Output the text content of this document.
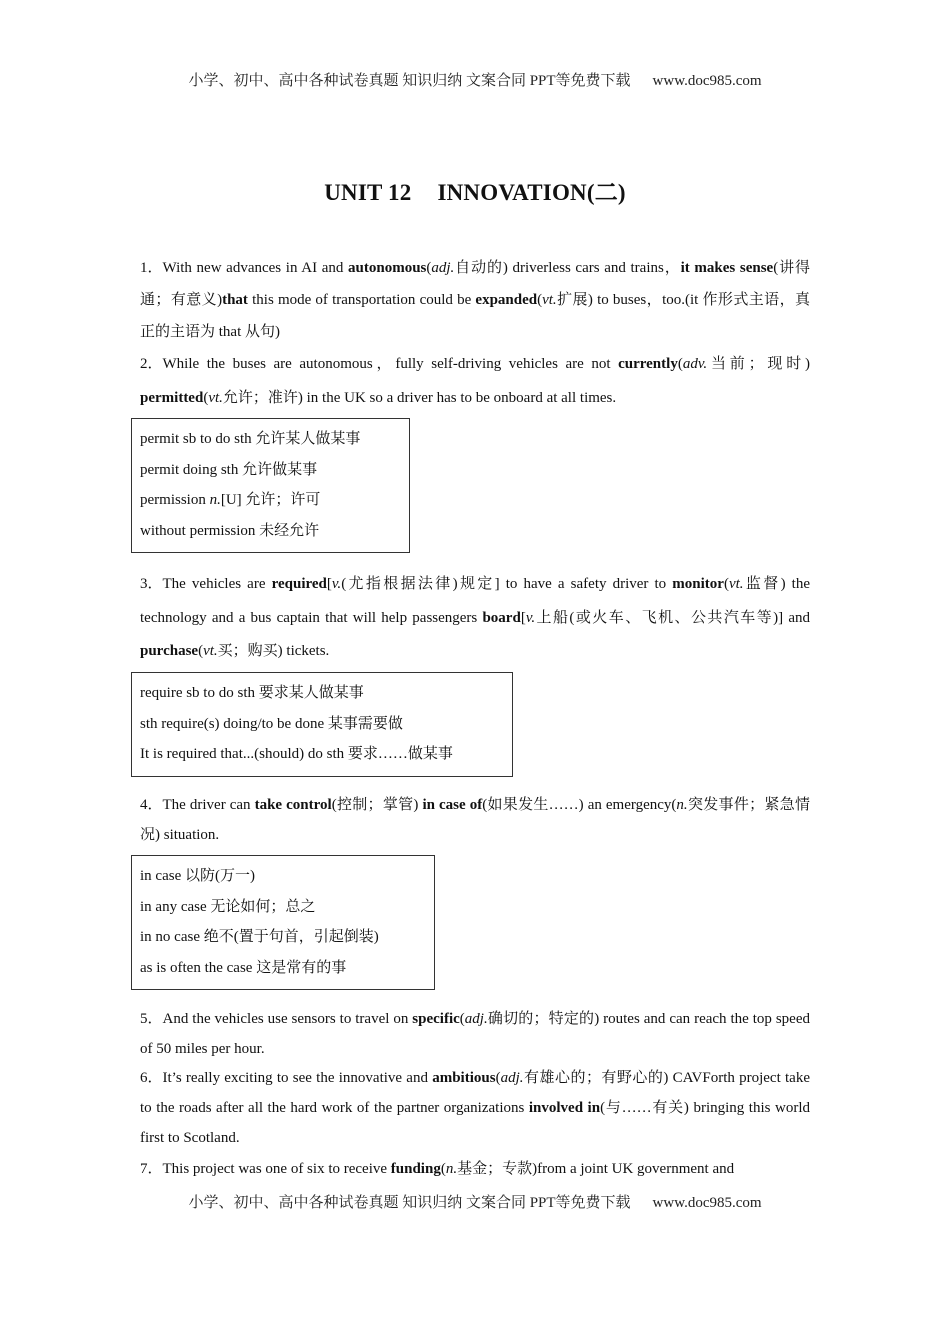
小学、初中、高中各种试卷真题 知识归纳 文案合同 PPT等免费下载 www.doc985.com
UNIT 12 INNOVATION(二)
1．With new advances in AI and autonomous(adj.自动的) driverless cars and trains，it makes sense(讲得通；有意义)that this mode of transportation could be expanded(vt.扩展) to buses，too.(it 作形式主语，真正的主语为 that 从句)
2．While the buses are autonomous，fully self-driving vehicles are not currently(adv.当前；现时) permitted(vt.允许；准许) in the UK so a driver has to be onboard at all times.
permit sb to do sth 允许某人做某事
permit doing sth 允许做某事
permission n.[U] 允许；许可
without permission 未经允许
3．The vehicles are required[v.(尤指根据法律)规定] to have a safety driver to monitor(vt.监督) the technology and a bus captain that will help passengers board[v.上船(或火车、飞机、公共汽车等)] and purchase(vt.买；购买) tickets.
require sb to do sth 要求某人做某事
sth require(s) doing/to be done 某事需要做
It is required that...(should) do sth 要求……做某事
4．The driver can take control(控制；掌管) in case of(如果发生……) an emergency(n.突发事件；紧急情况) situation.
in case 以防(万一)
in any case 无论如何；总之
in no case 绝不(置于句首，引起倒装)
as is often the case 这是常有的事
5．And the vehicles use sensors to travel on specific(adj.确切的；特定的) routes and can reach the top speed of 50 miles per hour.
6．It’s really exciting to see the innovative and ambitious(adj.有雄心的；有野心的) CAVForth project take to the roads after all the hard work of the partner organizations involved in(与……有关) bringing this world first to Scotland.
7．This project was one of six to receive funding(n.基金；专款)from a joint UK government and
小学、初中、高中各种试卷真题 知识归纳 文案合同 PPT等免费下载 www.doc985.com
